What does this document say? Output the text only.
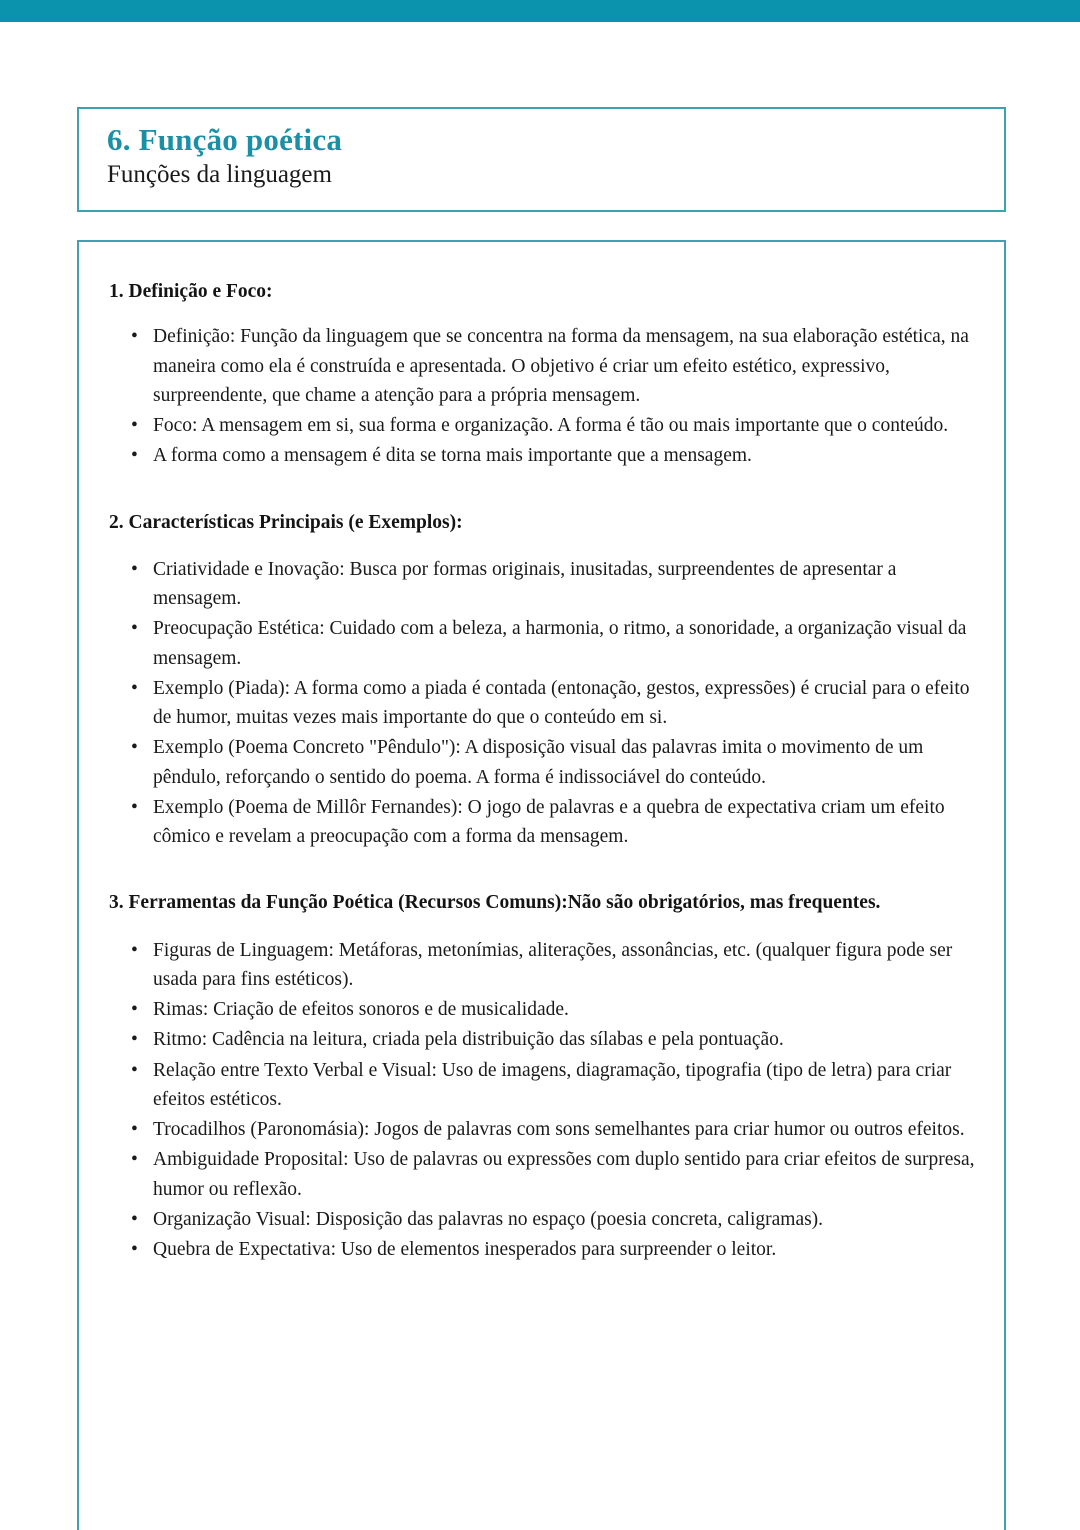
6. Função poética
Funções da linguagem
1. Definição e Foco:
• Definição: Função da linguagem que se concentra na forma da mensagem, na sua elaboração estética, na maneira como ela é construída e apresentada. O objetivo é criar um efeito estético, expressivo, surpreendente, que chame a atenção para a própria mensagem.
• Foco: A mensagem em si, sua forma e organização. A forma é tão ou mais importante que o conteúdo.
• A forma como a mensagem é dita se torna mais importante que a mensagem.
2. Características Principais (e Exemplos):
• Criatividade e Inovação: Busca por formas originais, inusitadas, surpreendentes de apresentar a mensagem.
• Preocupação Estética: Cuidado com a beleza, a harmonia, o ritmo, a sonoridade, a organização visual da mensagem.
• Exemplo (Piada): A forma como a piada é contada (entonação, gestos, expressões) é crucial para o efeito de humor, muitas vezes mais importante do que o conteúdo em si.
• Exemplo (Poema Concreto "Pêndulo"): A disposição visual das palavras imita o movimento de um pêndulo, reforçando o sentido do poema. A forma é indissociável do conteúdo.
• Exemplo (Poema de Millôr Fernandes): O jogo de palavras e a quebra de expectativa criam um efeito cômico e revelam a preocupação com a forma da mensagem.
3. Ferramentas da Função Poética (Recursos Comuns):Não são obrigatórios, mas frequentes.
• Figuras de Linguagem: Metáforas, metonímias, aliterações, assonâncias, etc. (qualquer figura pode ser usada para fins estéticos).
• Rimas: Criação de efeitos sonoros e de musicalidade.
• Ritmo: Cadência na leitura, criada pela distribuição das sílabas e pela pontuação.
• Relação entre Texto Verbal e Visual: Uso de imagens, diagramação, tipografia (tipo de letra) para criar efeitos estéticos.
• Trocadilhos (Paronomásia): Jogos de palavras com sons semelhantes para criar humor ou outros efeitos.
• Ambiguidade Proposital: Uso de palavras ou expressões com duplo sentido para criar efeitos de surpresa, humor ou reflexão.
• Organização Visual: Disposição das palavras no espaço (poesia concreta, caligramas).
• Quebra de Expectativa: Uso de elementos inesperados para surpreender o leitor.
